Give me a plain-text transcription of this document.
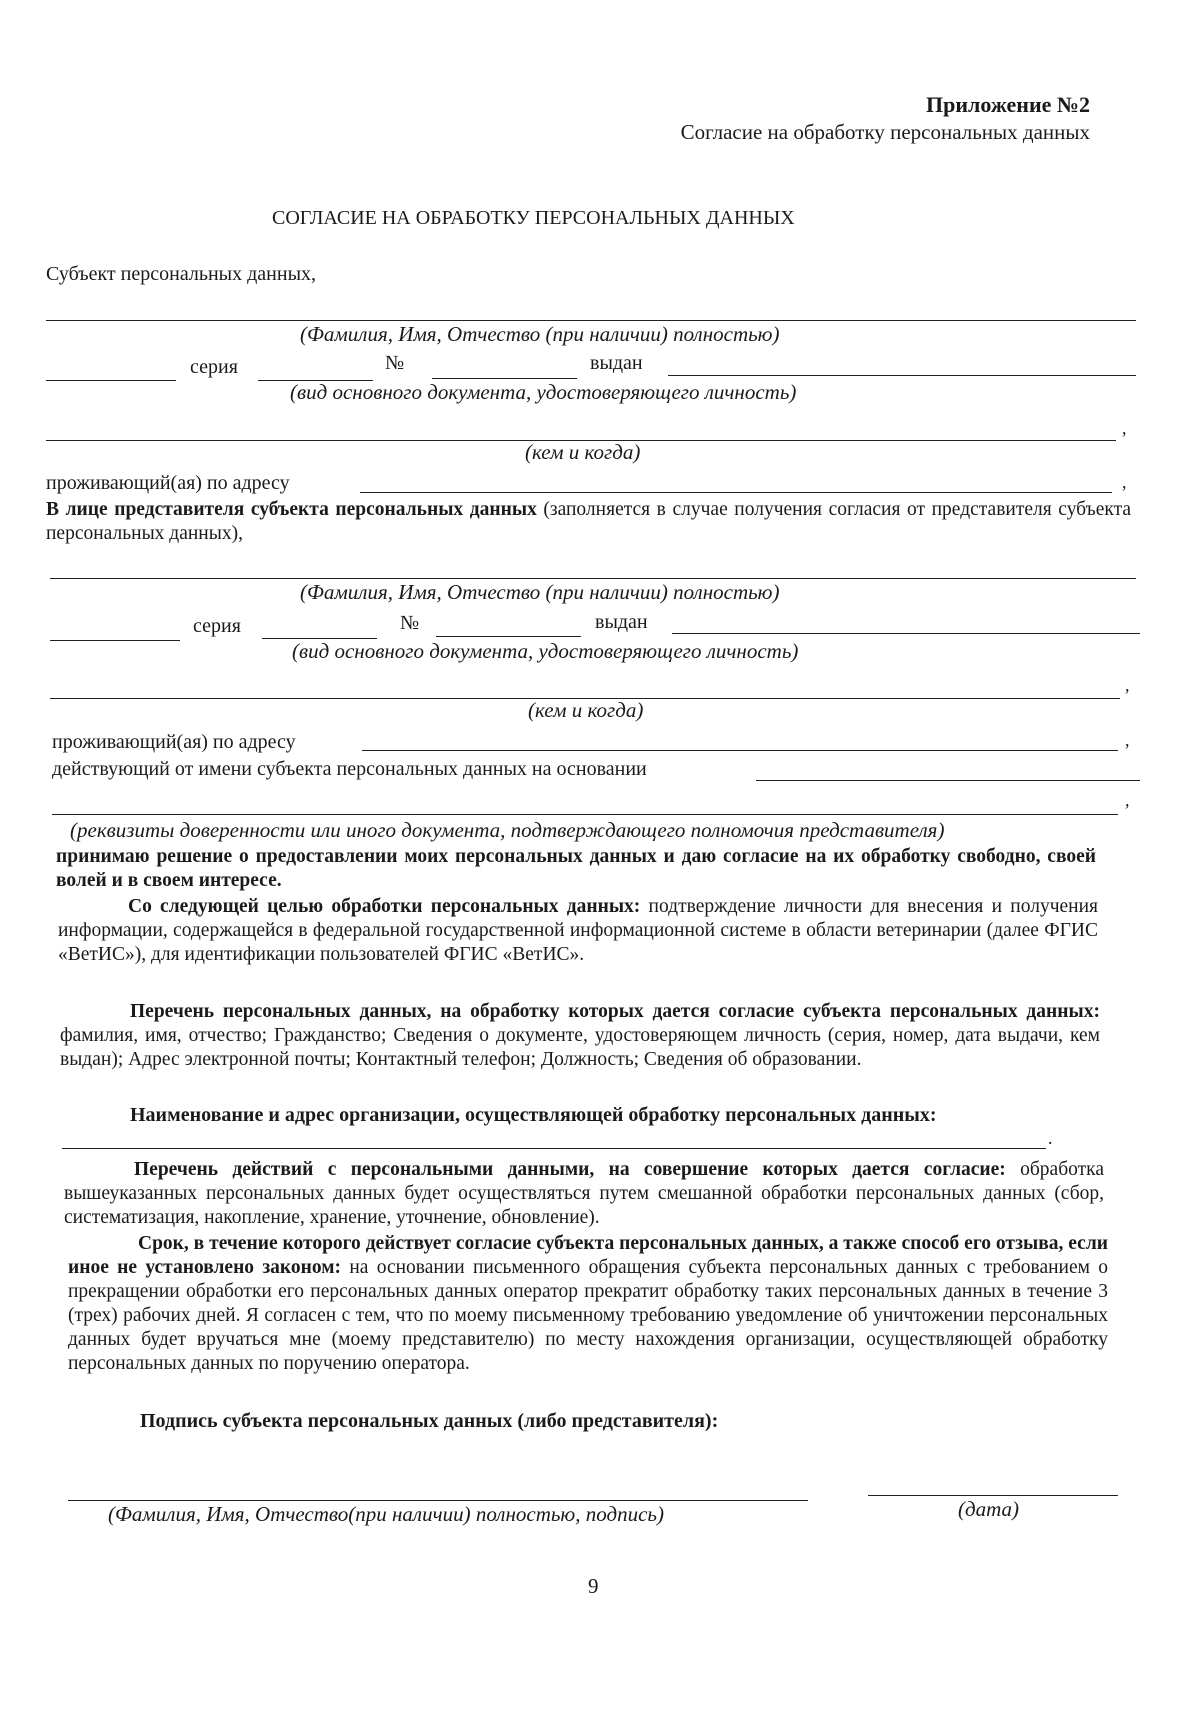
Приложение №2
Согласие на обработку персональных данных
СОГЛАСИЕ НА ОБРАБОТКУ ПЕРСОНАЛЬНЫХ ДАННЫХ
Субъект персональных данных,
(Фамилия, Имя, Отчество (при наличии) полностью)
серия	№	выдан
(вид основного документа, удостоверяющего личность)
,
(кем и когда)
проживающий(ая) по адресу	,
В лице представителя субъекта персональных данных (заполняется в случае получения согласия от представителя субъекта персональных данных),
(Фамилия, Имя, Отчество (при наличии) полностью)
серия	№	выдан
(вид основного документа, удостоверяющего личность)
,
(кем и когда)
проживающий(ая) по адресу	,
действующий от имени субъекта персональных данных на основании
,
(реквизиты доверенности или иного документа, подтверждающего полномочия представителя)
принимаю решение о предоставлении моих персональных данных и даю согласие на их обработку свободно, своей волей и в своем интересе.
Со следующей целью обработки персональных данных: подтверждение личности для внесения и получения информации, содержащейся в федеральной государственной информационной системе в области ветеринарии (далее ФГИС «ВетИС»), для идентификации пользователей ФГИС «ВетИС».
Перечень персональных данных, на обработку которых дается согласие субъекта персональных данных: фамилия, имя, отчество; Гражданство; Сведения о документе, удостоверяющем личность (серия, номер, дата выдачи, кем выдан); Адрес электронной почты; Контактный телефон; Должность; Сведения об образовании.
Наименование и адрес организации, осуществляющей обработку персональных данных:
.
Перечень действий с персональными данными, на совершение которых дается согласие: обработка вышеуказанных персональных данных будет осуществляться путем смешанной обработки персональных данных (сбор, систематизация, накопление, хранение, уточнение, обновление).
Срок, в течение которого действует согласие субъекта персональных данных, а также способ его отзыва, если иное не установлено законом: на основании письменного обращения субъекта персональных данных с требованием о прекращении обработки его персональных данных оператор прекратит обработку таких персональных данных в течение 3 (трех) рабочих дней. Я согласен с тем, что по моему письменному требованию уведомление об уничтожении персональных данных будет вручаться мне (моему представителю) по месту нахождения организации, осуществляющей обработку персональных данных по поручению оператора.
Подпись субъекта персональных данных (либо представителя):
(Фамилия, Имя, Отчество(при наличии) полностью, подпись)	(дата)
9
